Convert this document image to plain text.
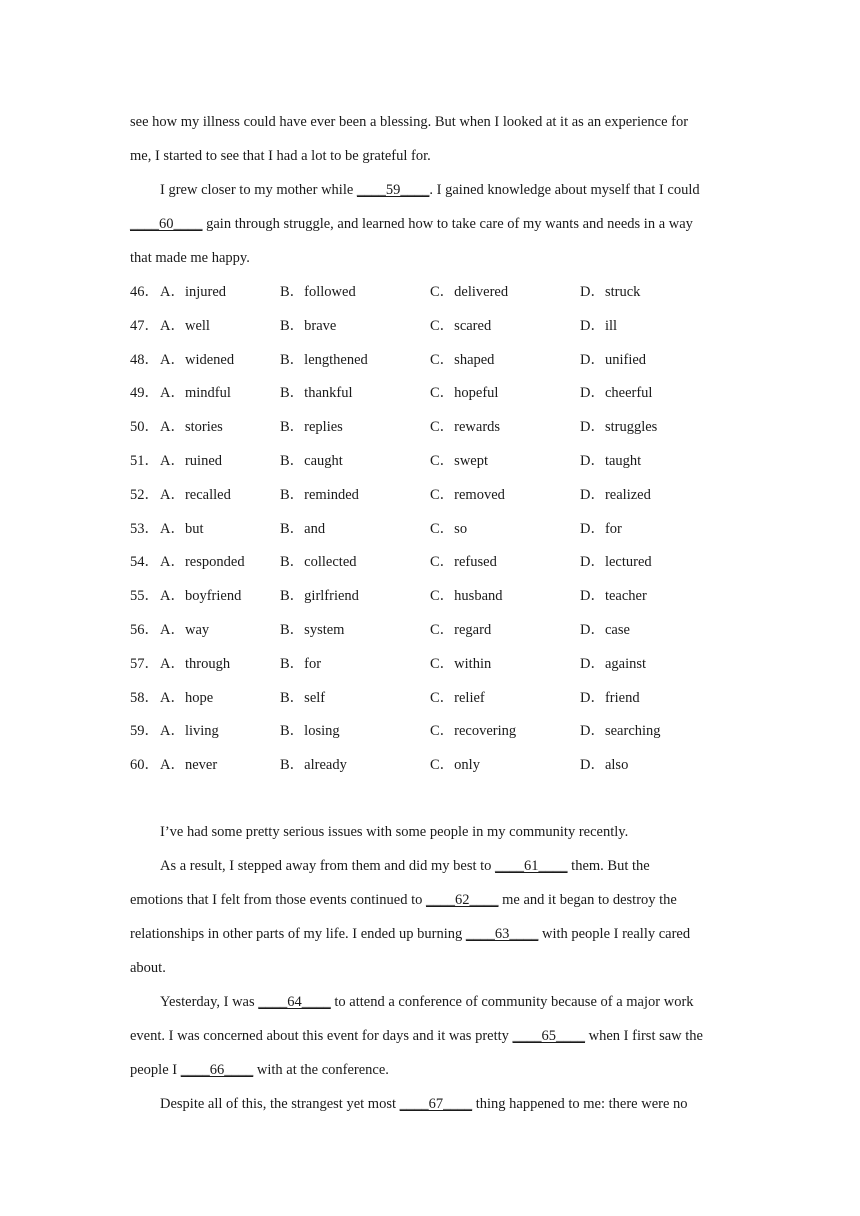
see how my illness could have ever been a blessing. But when I looked at it as an experience for
me, I started to see that I had a lot to be grateful for.
I grew closer to my mother while ____59____. I gained knowledge about myself that I could
____60____ gain through struggle, and learned how to take care of my wants and needs in a way
that made me happy.
46． A．injured	B．followed	C．delivered	D．struck
47． A．well	B．brave	C．scared	D．ill
48． A．widened	B．lengthened	C．shaped	D．unified
49． A．mindful	B．thankful	C．hopeful	D．cheerful
50． A．stories	B．replies	C．rewards	D．struggles
51． A．ruined	B．caught	C．swept	D．taught
52． A．recalled	B．reminded	C．removed	D．realized
53． A．but	B．and	C．so	D．for
54． A．responded B．collected	C．refused	D．lectured
55． A．boyfriend	B．girlfriend	C．husband	D．teacher
56． A．way	B．system	C．regard	D．case
57． A．through	B．for	C．within	D．against
58． A．hope	B．self	C．relief	D．friend
59． A．living	B．losing	C．recovering	D．searching
60． A．never	B．already	C．only	D．also
I’ve had some pretty serious issues with some people in my community recently.
As a result, I stepped away from them and did my best to ____61____ them. But the
emotions that I felt from those events continued to ____62____ me and it began to destroy the
relationships in other parts of my life. I ended up burning ____63____ with people I really cared
about.
Yesterday, I was ____64____ to attend a conference of community because of a major work
event. I was concerned about this event for days and it was pretty ____65____ when I first saw the
people I ____66____ with at the conference.
Despite all of this, the strangest yet most ____67____ thing happened to me: there were no
